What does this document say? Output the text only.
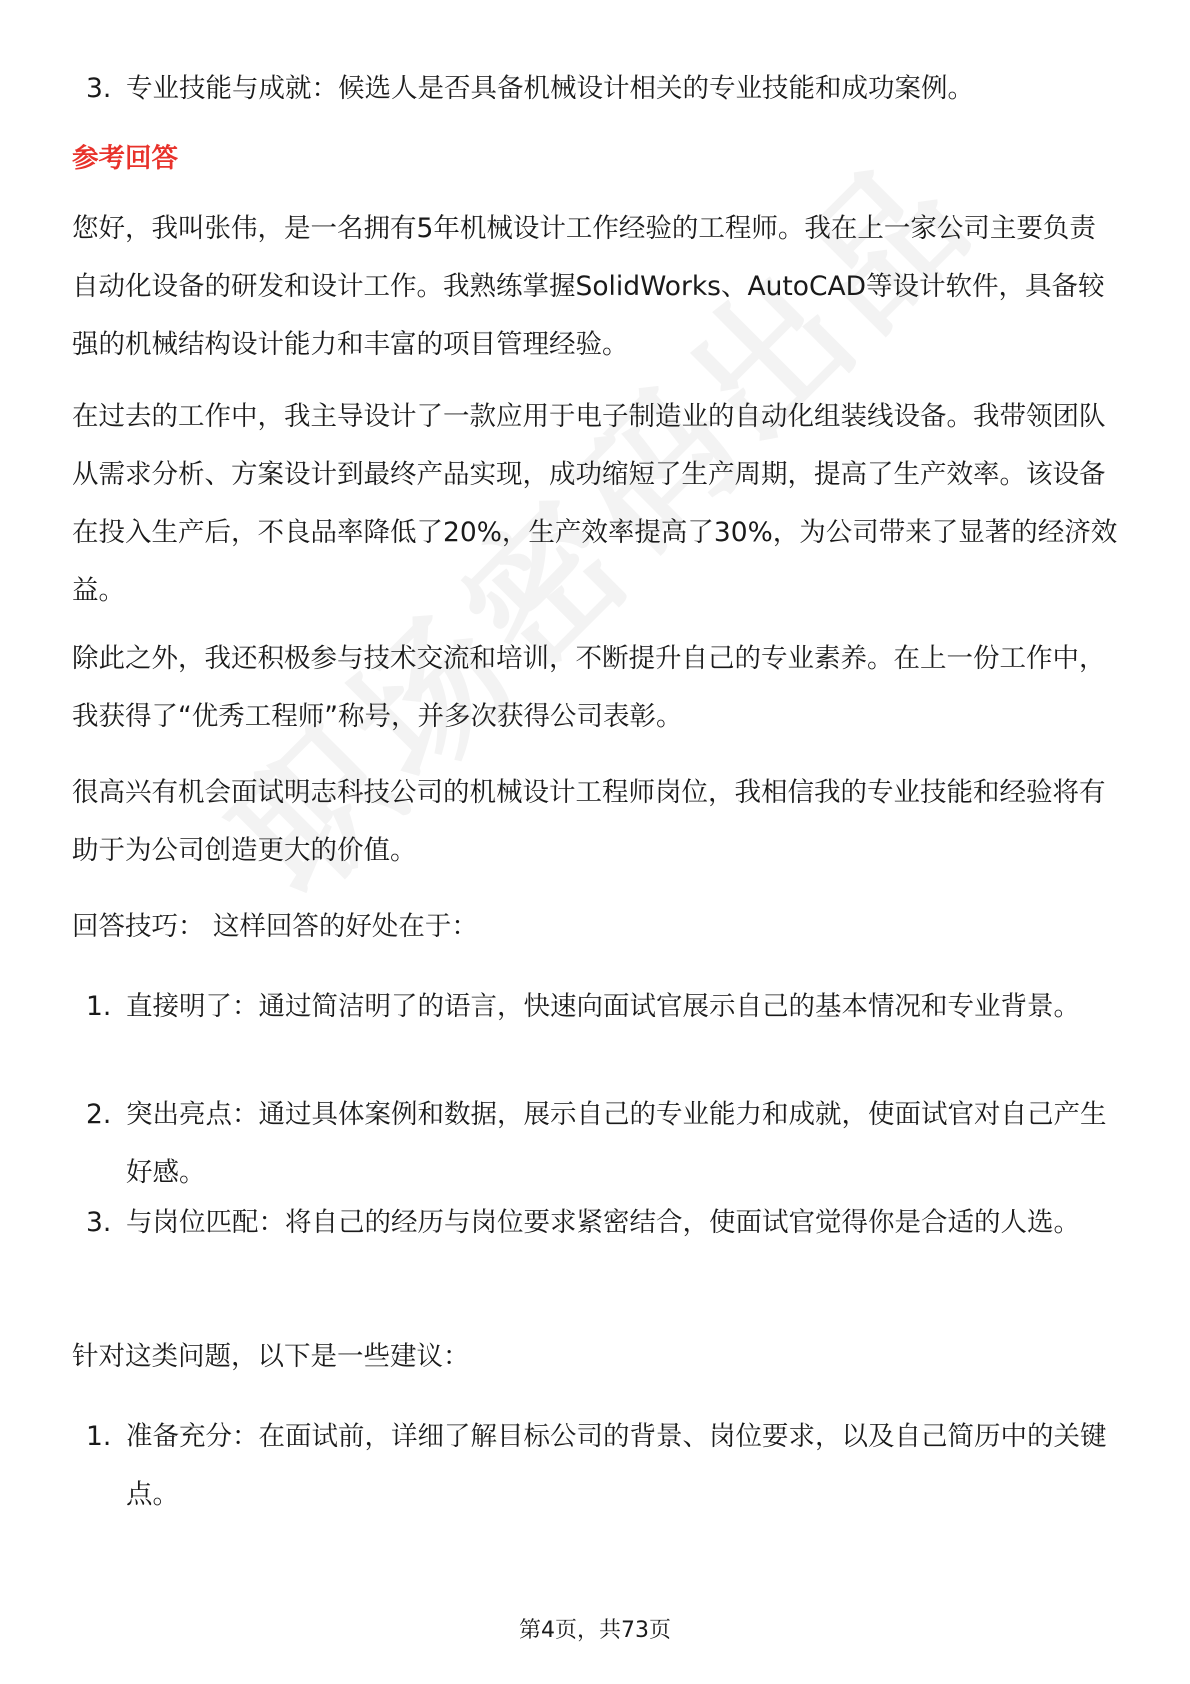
3. 专业技能与成就：候选人是否具备机械设计相关的专业技能和成功案例。
参考回答

您好，我叫张伟，是一名拥有5年机械设计工作经验的工程师。我在上一家公司主要负责自动化设备的研发和设计工作。我熟练掌握SolidWorks、AutoCAD等设计软件，具备较强的机械结构设计能力和丰富的项目管理经验。

在过去的工作中，我主导设计了一款应用于电子制造业的自动化组装线设备。我带领团队从需求分析、方案设计到最终产品实现，成功缩短了生产周期，提高了生产效率。该设备在投入生产后，不良品率降低了20%，生产效率提高了30%，为公司带来了显著的经济效益。

除此之外，我还积极参与技术交流和培训，不断提升自己的专业素养。在上一份工作中，我获得了“优秀工程师”称号，并多次获得公司表彰。

很高兴有机会面试明志科技公司的机械设计工程师岗位，我相信我的专业技能和经验将有助于为公司创造更大的价值。

回答技巧： 这样回答的好处在于：

1. 直接明了：通过简洁明了的语言，快速向面试官展示自己的基本情况和专业背景。
2. 突出亮点：通过具体案例和数据，展示自己的专业能力和成就，使面试官对自己产生好感。
3. 与岗位匹配：将自己的经历与岗位要求紧密结合，使面试官觉得你是合适的人选。

针对这类问题，以下是一些建议：

1. 准备充分：在面试前，详细了解目标公司的背景、岗位要求，以及自己简历中的关键点。
第4页，共73页
